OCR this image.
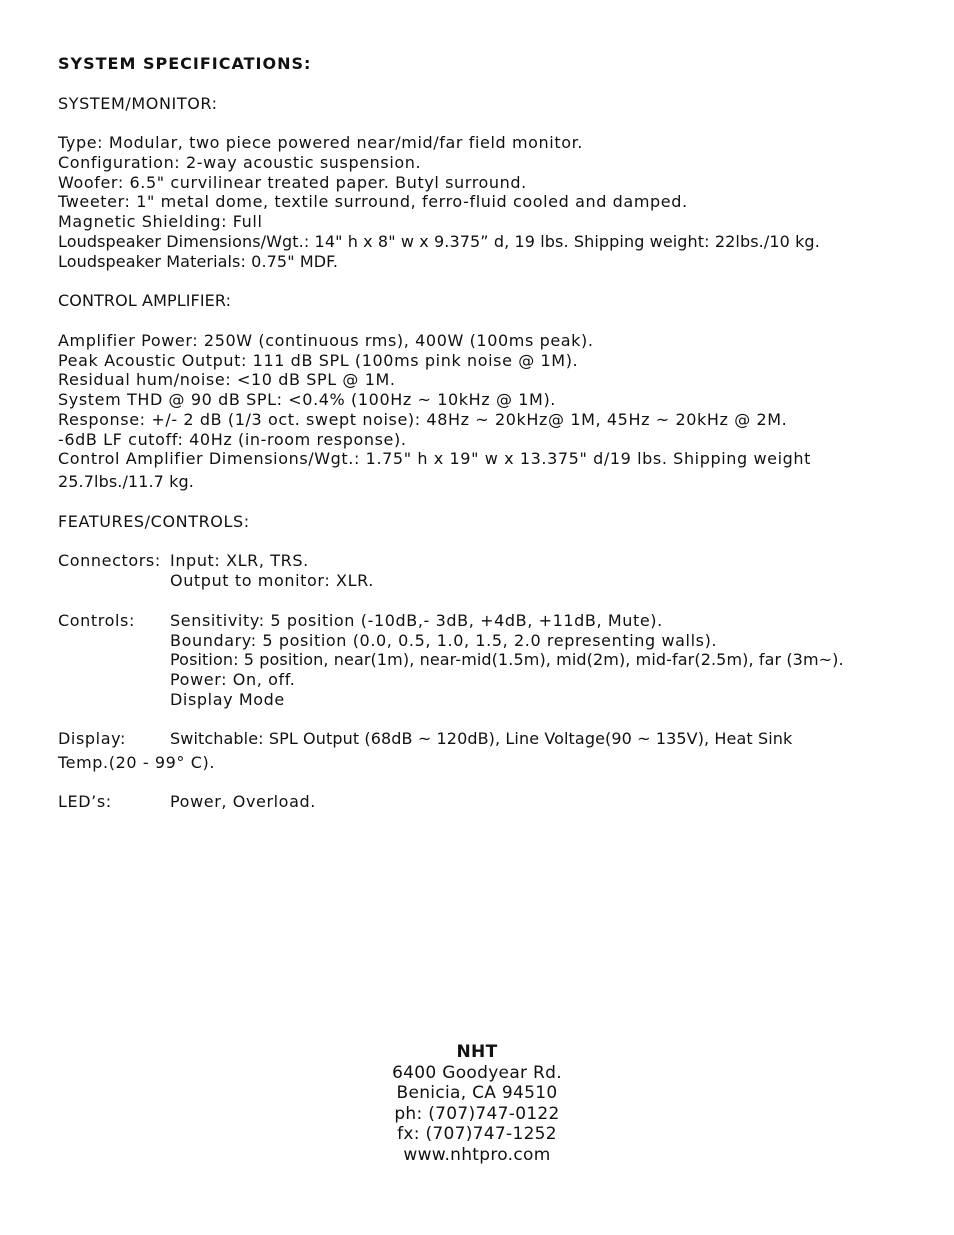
SYSTEM SPECIFICATIONS:
SYSTEM/MONITOR:
Type: Modular, two piece powered near/mid/far field monitor.
Configuration: 2-way acoustic suspension.
Woofer: 6.5" curvilinear treated paper. Butyl surround.
Tweeter: 1" metal dome, textile surround, ferro-fluid cooled and damped.
Magnetic Shielding: Full
Loudspeaker Dimensions/Wgt.: 14" h x 8" w x 9.375” d, 19 lbs. Shipping weight: 22lbs./10 kg.
Loudspeaker Materials: 0.75" MDF.
CONTROL AMPLIFIER:
Amplifier Power: 250W (continuous rms), 400W (100ms peak).
Peak Acoustic Output: 111 dB SPL (100ms pink noise @ 1M).
Residual hum/noise: <10 dB SPL @ 1M.
System THD @ 90 dB SPL: <0.4% (100Hz ~ 10kHz @ 1M).
Response: +/- 2 dB (1/3 oct. swept noise): 48Hz ~ 20kHz@ 1M, 45Hz ~ 20kHz @ 2M.
-6dB LF cutoff: 40Hz (in-room response).
Control Amplifier Dimensions/Wgt.: 1.75" h x 19" w x 13.375" d/19 lbs. Shipping weight
25.7lbs./11.7 kg.
FEATURES/CONTROLS:
Connectors: Input: XLR, TRS.
Output to monitor: XLR.
Controls: Sensitivity: 5 position (-10dB,- 3dB, +4dB, +11dB, Mute).
Boundary: 5 position (0.0, 0.5, 1.0, 1.5, 2.0 representing walls).
Position: 5 position, near(1m), near-mid(1.5m), mid(2m), mid-far(2.5m), far (3m~).
Power: On, off.
Display Mode
Display:	Switchable: SPL Output (68dB ~ 120dB), Line Voltage(90 ~ 135V), Heat Sink
Temp.(20 - 99° C).
LED’s:	Power, Overload.
NHT
6400 Goodyear Rd.
Benicia, CA 94510
ph: (707)747-0122
fx: (707)747-1252
www.nhtpro.com
